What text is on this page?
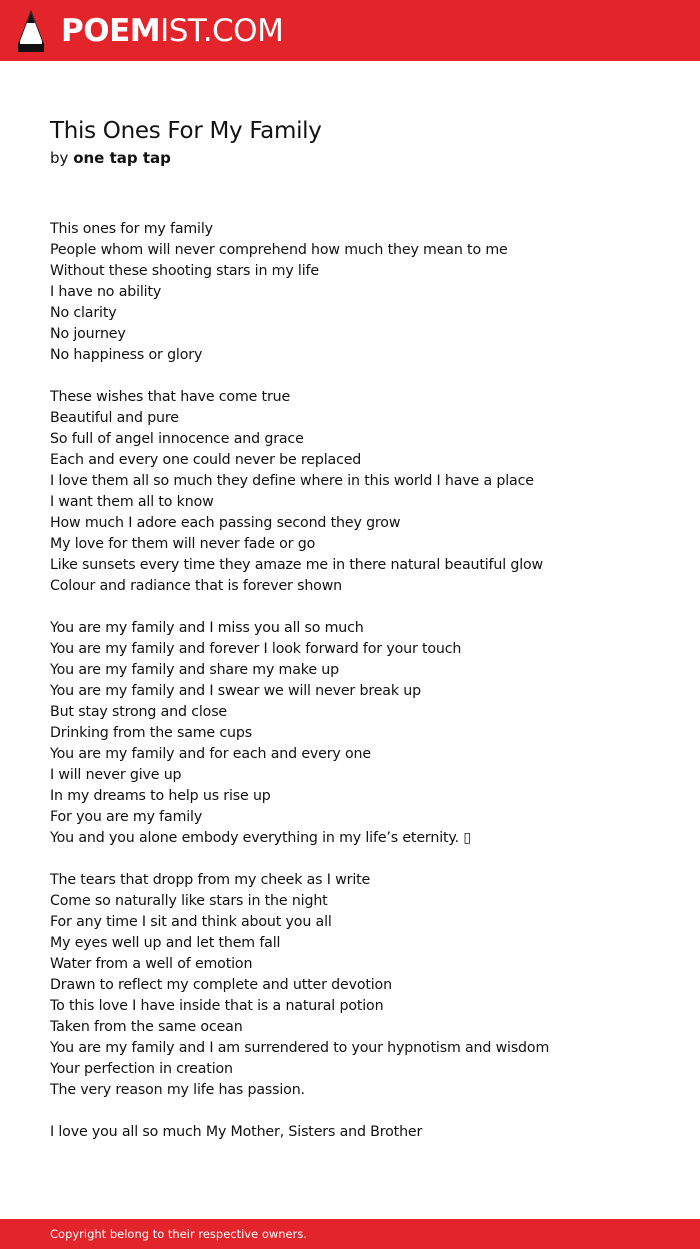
POEMIST.COM
This Ones For My Family
by one tap tap
This ones for my family
People whom will never comprehend how much they mean to me
Without these shooting stars in my life
I have no ability
No clarity
No journey
No happiness or glory
These wishes that have come true
Beautiful and pure
So full of angel innocence and grace
Each and every one could never be replaced
I love them all so much they define where in this world I have a place
I want them all to know
How much I adore each passing second they grow
My love for them will never fade or go
Like sunsets every time they amaze me in there natural beautiful glow
Colour and radiance that is forever shown
You are my family and I miss you all so much
You are my family and forever I look forward for your touch
You are my family and share my make up
You are my family and I swear we will never break up
But stay strong and close
Drinking from the same cups
You are my family and for each and every one
I will never give up
In my dreams to help us rise up
For you are my family
You and you alone embody everything in my life’s eternity. ▯
The tears that dropp from my cheek as I write
Come so naturally like stars in the night
For any time I sit and think about you all
My eyes well up and let them fall
Water from a well of emotion
Drawn to reflect my complete and utter devotion
To this love I have inside that is a natural potion
Taken from the same ocean
You are my family and I am surrendered to your hypnotism and wisdom
Your perfection in creation
The very reason my life has passion.
I love you all so much My Mother, Sisters and Brother
Copyright belong to their respective owners.
